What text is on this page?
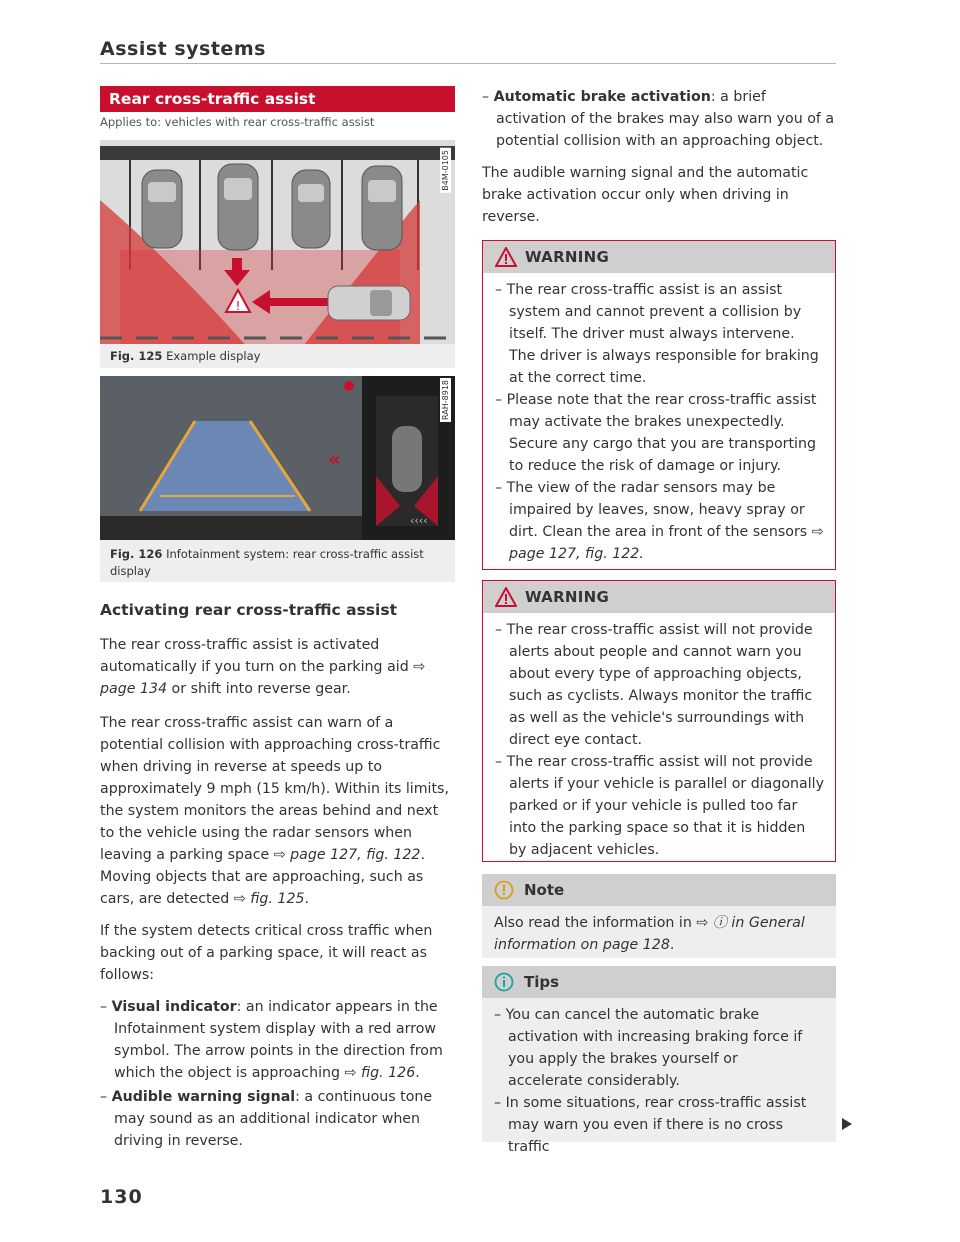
Assist systems
Rear cross-traffic assist
Applies to: vehicles with rear cross-traffic assist
!
B4M-0105
Fig. 125 Example display
«
‹‹‹‹
RAH-8918
Fig. 126 Infotainment system: rear cross-traffic assist display
Activating rear cross-traffic assist
The rear cross-traffic assist is activated automatically if you turn on the parking aid ⇨ page 134 or shift into reverse gear.
The rear cross-traffic assist can warn of a potential collision with approaching cross-traffic when driving in reverse at speeds up to approximately 9 mph (15 km/h). Within its limits, the system monitors the areas behind and next to the vehicle using the radar sensors when leaving a parking space ⇨ page 127, fig. 122. Moving objects that are approaching, such as cars, are detected ⇨ fig. 125.
If the system detects critical cross traffic when backing out of a parking space, it will react as follows:
– Visual indicator: an indicator appears in the Infotainment system display with a red arrow symbol. The arrow points in the direction from which the object is approaching ⇨ fig. 126.
– Audible warning signal: a continuous tone may sound as an additional indicator when driving in reverse.
130
– Automatic brake activation: a brief activation of the brakes may also warn you of a potential collision with an approaching object.
The audible warning signal and the automatic brake activation occur only when driving in reverse.
WARNING
– The rear cross-traffic assist is an assist system and cannot prevent a collision by itself. The driver must always intervene. The driver is always responsible for braking at the correct time.
– Please note that the rear cross-traffic assist may activate the brakes unexpectedly. Secure any cargo that you are transporting to reduce the risk of damage or injury.
– The view of the radar sensors may be impaired by leaves, snow, heavy spray or dirt. Clean the area in front of the sensors ⇨ page 127, fig. 122.
WARNING
– The rear cross-traffic assist will not provide alerts about people and cannot warn you about every type of approaching objects, such as cyclists. Always monitor the traffic as well as the vehicle's surroundings with direct eye contact.
– The rear cross-traffic assist will not provide alerts if your vehicle is parallel or diagonally parked or if your vehicle is pulled too far into the parking space so that it is hidden by adjacent vehicles.
Note
Also read the information in ⇨ ⓘ in General information on page 128.
Tips
– You can cancel the automatic brake activation with increasing braking force if you apply the brakes yourself or accelerate considerably.
– In some situations, rear cross-traffic assist may warn you even if there is no cross traffic
